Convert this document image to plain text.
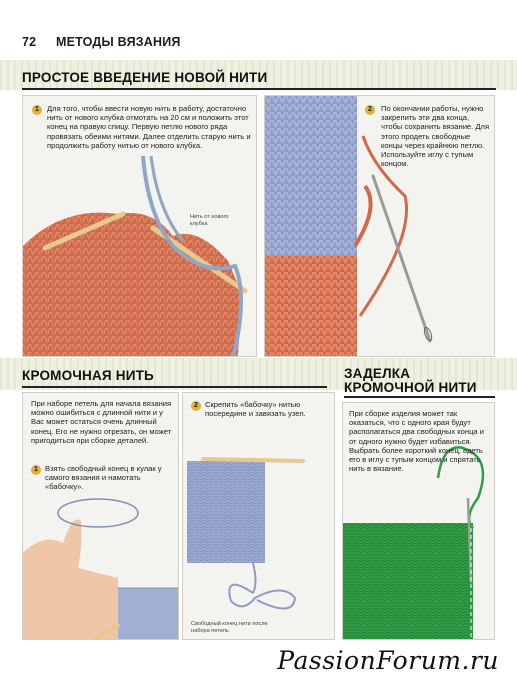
72 МЕТОДЫ ВЯЗАНИЯ
ПРОСТОЕ ВВЕДЕНИЕ НОВОЙ НИТИ
1	Для того, чтобы ввести новую нить в работу, достаточно нить от нового клубка отмотать на 20 см и положить этот конец на правую спицу. Первую петлю нового ряда провязать обеими нитями. Далее отделить старую нить и продолжить работу нитью от нового клубка.
Нить от нового клубка
2	По окончании работы, нужно закрепить эти два конца, чтобы сохранить вязание. Для этого продеть свободные концы через крайнюю петлю. Используйте иглу с тупым концом.
КРОМОЧНАЯ НИТЬ	ЗАДЕЛКА КРОМОЧНОЙ НИТИ
При наборе петель для начала вязания можно ошибиться с длинной нити и у Вас может остаться очень длинный конец. Его не нужно отрезать, он может пригодиться при сборке деталей.
1 Взять свободный конец в кулак у самого вязания и намотать «бабочку».
2 Скрепить «бабочку» нитью посередине и завязать узел.
Свободный конец нити после набора петель
При сборке изделия может так оказаться, что с одного края будут располагаться два свободных конца и от одного нужно будет избавиться. Выбрать более короткий конец, вдеть его в иглу с тупым концом и спрятать нить в вязание.
PassionForum.ru
